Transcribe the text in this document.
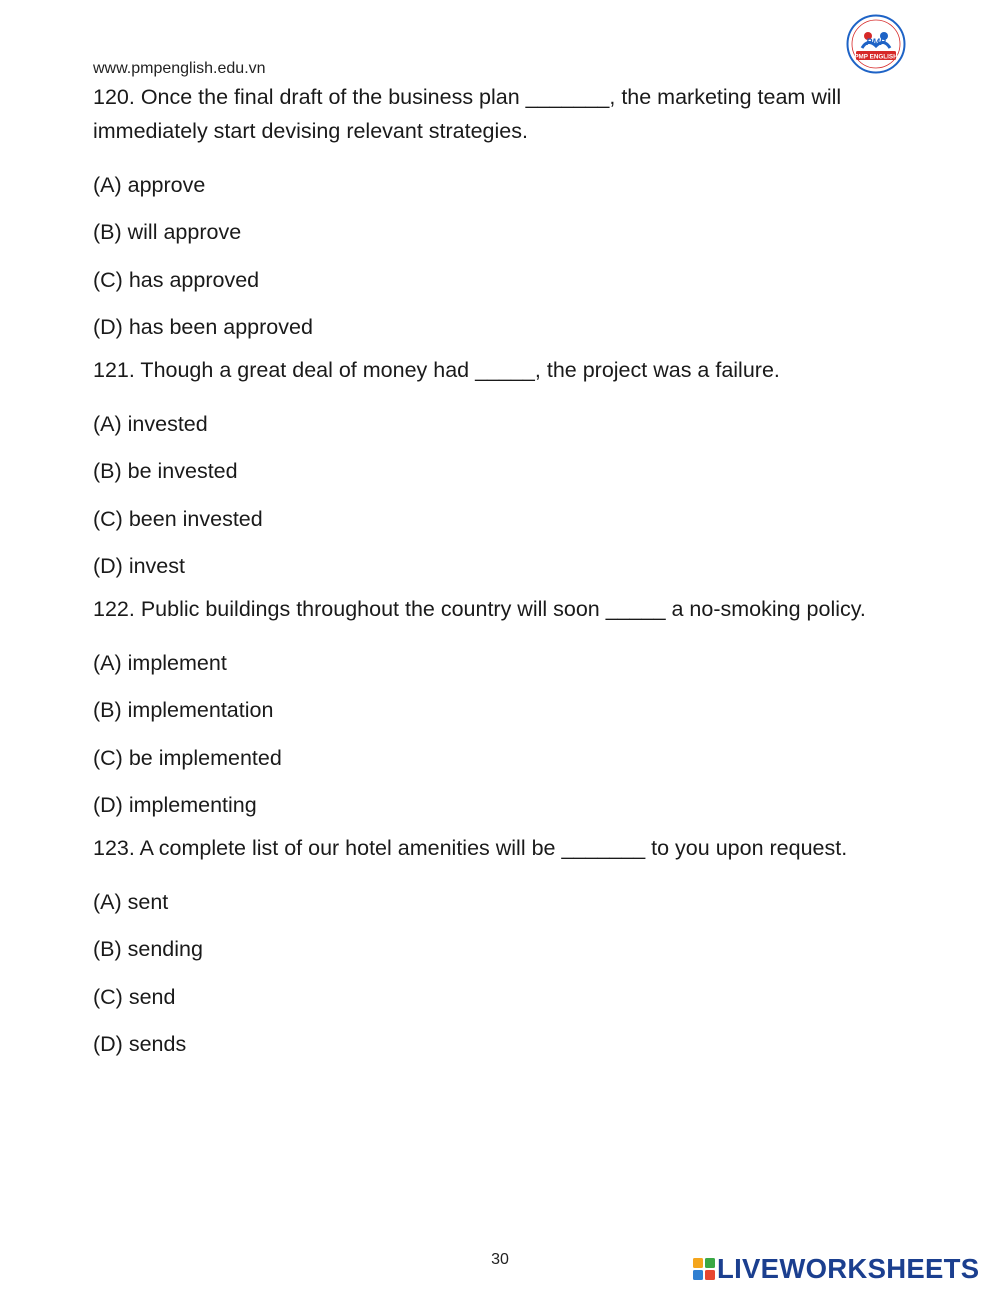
www.pmpenglish.edu.vn
PMP
PMP ENGLISH

120. Once the final draft of the business plan _______, the marketing team will immediately start devising relevant strategies.

(A) approve
(B) will approve
(C) has approved
(D) has been approved

121. Though a great deal of money had _____, the project was a failure.

(A) invested
(B) be invested
(C) been invested
(D) invest

122. Public buildings throughout the country will soon _____ a no-smoking policy.

(A) implement
(B) implementation
(C) be implemented
(D) implementing

123. A complete list of our hotel amenities will be _______ to you upon request.

(A) sent
(B) sending
(C) send
(D) sends
30	LIVEWORKSHEETS
